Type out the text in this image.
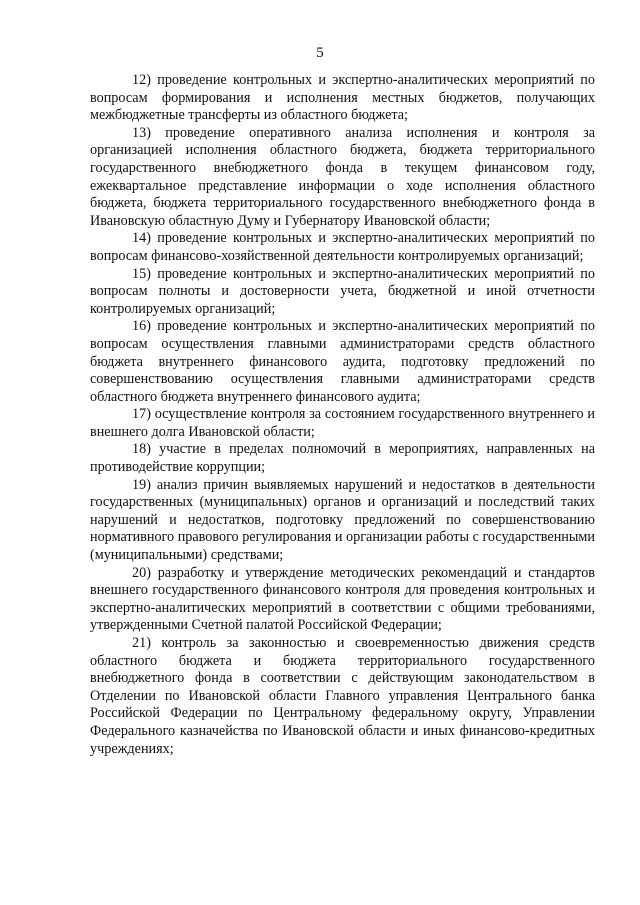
5

12) проведение контрольных и экспертно-аналитических мероприятий по вопросам формирования и исполнения местных бюджетов, получающих межбюджетные трансферты из областного бюджета;

13) проведение оперативного анализа исполнения и контроля за организацией исполнения областного бюджета, бюджета территориального государственного внебюджетного фонда в текущем финансовом году, ежеквартальное представление информации о ходе исполнения областного бюджета, бюджета территориального государственного внебюджетного фонда в Ивановскую областную Думу и Губернатору Ивановской области;

14) проведение контрольных и экспертно-аналитических мероприятий по вопросам финансово-хозяйственной деятельности контролируемых организаций;

15) проведение контрольных и экспертно-аналитических мероприятий по вопросам полноты и достоверности учета, бюджетной и иной отчетности контролируемых организаций;

16) проведение контрольных и экспертно-аналитических мероприятий по вопросам осуществления главными администраторами средств областного бюджета внутреннего финансового аудита, подготовку предложений по совершенствованию осуществления главными администраторами средств областного бюджета внутреннего финансового аудита;

17) осуществление контроля за состоянием государственного внутреннего и внешнего долга Ивановской области;

18) участие в пределах полномочий в мероприятиях, направленных на противодействие коррупции;

19) анализ причин выявляемых нарушений и недостатков в деятельности государственных (муниципальных) органов и организаций и последствий таких нарушений и недостатков, подготовку предложений по совершенствованию нормативного правового регулирования и организации работы с государственными (муниципальными) средствами;

20) разработку и утверждение методических рекомендаций и стандартов внешнего государственного финансового контроля для проведения контрольных и экспертно-аналитических мероприятий в соответствии с общими требованиями, утвержденными Счетной палатой Российской Федерации;

21) контроль за законностью и своевременностью движения средств областного бюджета и бюджета территориального государственного внебюджетного фонда в соответствии с действующим законодательством в Отделении по Ивановской области Главного управления Центрального банка Российской Федерации по Центральному федеральному округу, Управлении Федерального казначейства по Ивановской области и иных финансово-кредитных учреждениях;
